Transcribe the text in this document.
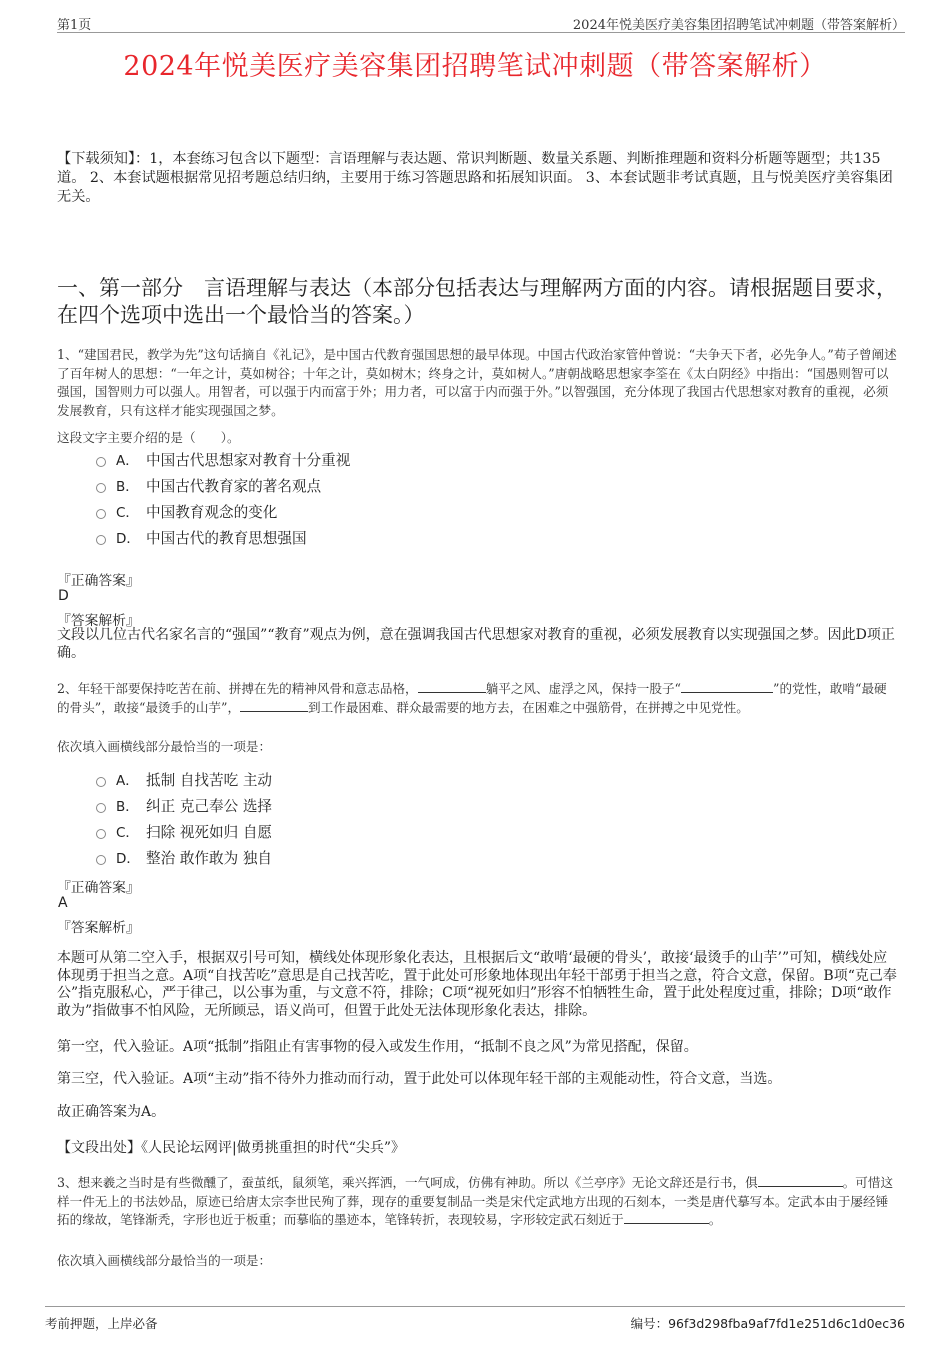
第1页	2024年悦美医疗美容集团招聘笔试冲刺题（带答案解析）
2024年悦美医疗美容集团招聘笔试冲刺题（带答案解析）

【下载须知】：1，本套练习包含以下题型：言语理解与表达题、常识判断题、数量关系题、判断推理题和资料分析题等题型；共135道。 2、本套试题根据常见招考题总结归纳，主要用于练习答题思路和拓展知识面。 3、本套试题非考试真题，且与悦美医疗美容集团无关。

一、第一部分　言语理解与表达（本部分包括表达与理解两方面的内容。请根据题目要求，在四个选项中选出一个最恰当的答案。）

1、“建国君民，教学为先”这句话摘自《礼记》，是中国古代教育强国思想的最早体现。中国古代政治家管仲曾说：“夫争天下者，必先争人。”荀子曾阐述了百年树人的思想：“一年之计，莫如树谷；十年之计，莫如树木；终身之计，莫如树人。”唐朝战略思想家李筌在《太白阴经》中指出：“国愚则智可以强国，国智则力可以强人。用智者，可以强于内而富于外；用力者，可以富于内而强于外。”以智强国，充分体现了我国古代思想家对教育的重视，必须发展教育，只有这样才能实现强国之梦。

这段文字主要介绍的是（　　）。
A． 中国古代思想家对教育十分重视
B． 中国古代教育家的著名观点
C． 中国教育观念的变化
D． 中国古代的教育思想强国
『正确答案』
D
『答案解析』

文段以几位古代名家名言的“强国”“教育”观点为例，意在强调我国古代思想家对教育的重视，必须发展教育以实现强国之梦。因此D项正确。

2、年轻干部要保持吃苦在前、拼搏在先的精神风骨和意志品格，	躺平之风、虚浮之风，保持一股子“	”的党性，敢啃“最硬的骨头”，敢接“最烫手的山芋”，	到工作最困难、群众最需要的地方去，在困难之中强筋骨，在拼搏之中见党性。

依次填入画横线部分最恰当的一项是：
A． 抵制 自找苦吃 主动
B． 纠正 克己奉公 选择
C． 扫除 视死如归 自愿
D． 整治 敢作敢为 独自
『正确答案』
A
『答案解析』

本题可从第二空入手，根据双引号可知，横线处体现形象化表达，且根据后文“敢啃‘最硬的骨头’，敢接‘最烫手的山芋’”可知，横线处应体现勇于担当之意。A项“自找苦吃”意思是自己找苦吃，置于此处可形象地体现出年轻干部勇于担当之意，符合文意，保留。B项“克己奉公”指克服私心，严于律己，以公事为重，与文意不符，排除；C项“视死如归”形容不怕牺牲生命，置于此处程度过重，排除；D项“敢作敢为”指做事不怕风险，无所顾忌，语义尚可，但置于此处无法体现形象化表达，排除。

第一空，代入验证。A项“抵制”指阻止有害事物的侵入或发生作用，“抵制不良之风”为常见搭配，保留。

第三空，代入验证。A项“主动”指不待外力推动而行动，置于此处可以体现年轻干部的主观能动性，符合文意，当选。

故正确答案为A。

【文段出处】《人民论坛网评|做勇挑重担的时代“尖兵”》

3、想来羲之当时是有些微醺了，蚕茧纸，鼠须笔，乘兴挥洒，一气呵成，仿佛有神助。所以《兰亭序》无论文辞还是行书，俱	。可惜这样一件无上的书法妙品，原迹已给唐太宗李世民殉了葬，现存的重要复制品一类是宋代定武地方出现的石刻本，一类是唐代摹写本。定武本由于屡经锤拓的缘故，笔锋渐秃，字形也近于板重；而摹临的墨迹本，笔锋转折，表现较易，字形较定武石刻近于	。

依次填入画横线部分最恰当的一项是：
考前押题，上岸必备	编号：96f3d298fba9af7fd1e251d6c1d0ec36
